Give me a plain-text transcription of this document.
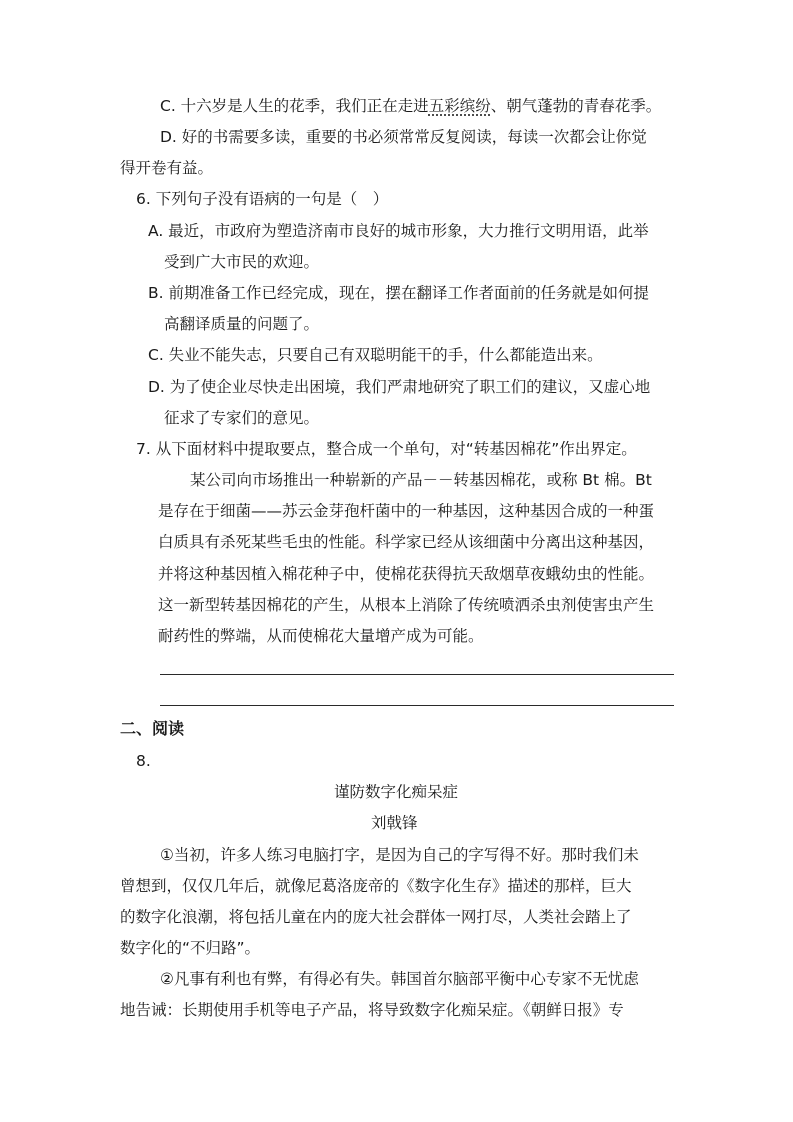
C. 十六岁是人生的花季，我们正在走进五彩缤纷、朝气蓬勃的青春花季。
D. 好的书需要多读，重要的书必须常常反复阅读，每读一次都会让你觉
得开卷有益。
6. 下列句子没有语病的一句是（　）
A. 最近，市政府为塑造济南市良好的城市形象，大力推行文明用语，此举
受到广大市民的欢迎。
B. 前期准备工作已经完成，现在，摆在翻译工作者面前的任务就是如何提
高翻译质量的问题了。
C. 失业不能失志，只要自己有双聪明能干的手，什么都能造出来。
D. 为了使企业尽快走出困境，我们严肃地研究了职工们的建议，又虚心地
征求了专家们的意见。
7. 从下面材料中提取要点，整合成一个单句，对“转基因棉花”作出界定。
某公司向市场推出一种崭新的产品－－转基因棉花，或称 Bt 棉。Bt
是存在于细菌——苏云金芽孢杆菌中的一种基因，这种基因合成的一种蛋
白质具有杀死某些毛虫的性能。科学家已经从该细菌中分离出这种基因，
并将这种基因植入棉花种子中，使棉花获得抗天敌烟草夜蛾幼虫的性能。
这一新型转基因棉花的产生，从根本上消除了传统喷洒杀虫剂使害虫产生
耐药性的弊端，从而使棉花大量增产成为可能。
二、阅读
8.
谨防数字化痴呆症
刘戟锋
①当初，许多人练习电脑打字，是因为自己的字写得不好。那时我们未
曾想到，仅仅几年后，就像尼葛洛庞帝的《数字化生存》描述的那样，巨大
的数字化浪潮，将包括儿童在内的庞大社会群体一网打尽，人类社会踏上了
数字化的“不归路”。
②凡事有利也有弊，有得必有失。韩国首尔脑部平衡中心专家不无忧虑
地告诫：长期使用手机等电子产品，将导致数字化痴呆症。《朝鲜日报》专
